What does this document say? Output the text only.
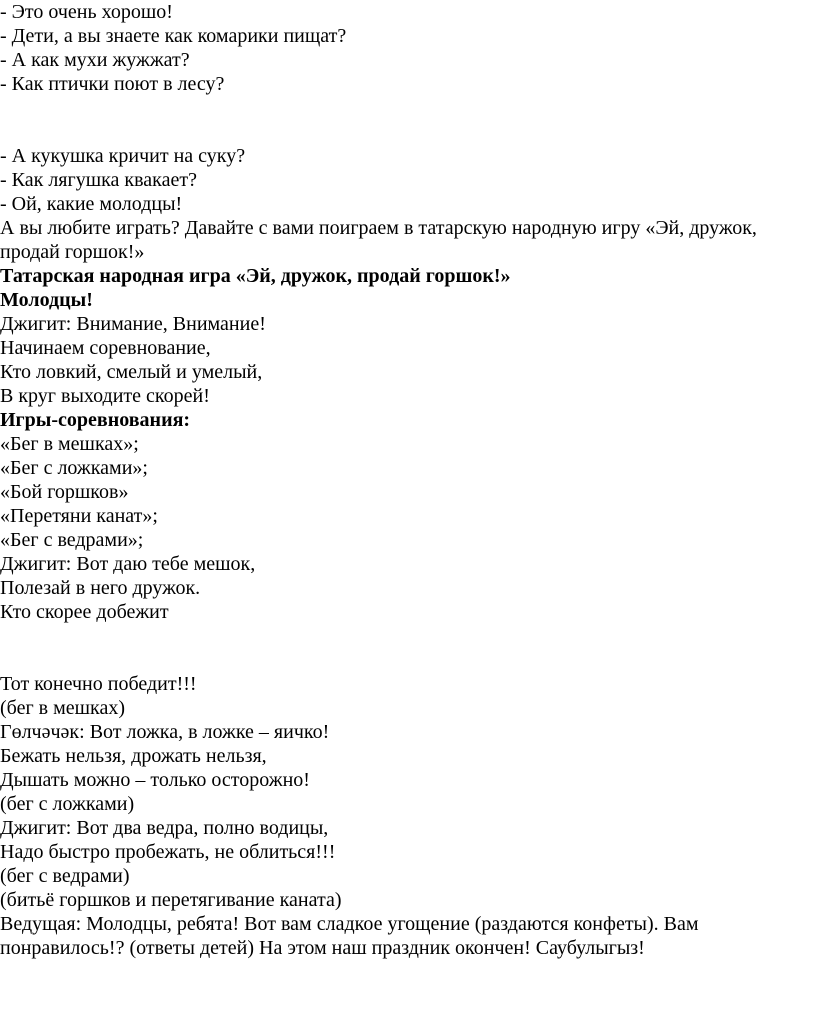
- Это очень хорошо!
- Дети, а вы знаете как комарики пищат?
- А как мухи жужжат?
- Как птички поют в лесу?
- А кукушка кричит на суку?
- Как лягушка квакает?
- Ой, какие молодцы!
А вы любите играть? Давайте с вами поиграем в татарскую народную игру «Эй, дружок, продай горшок!»
Татарская народная игра «Эй, дружок, продай горшок!»
Молодцы!
Джигит: Внимание, Внимание!
Начинаем соревнование,
Кто ловкий, смелый и умелый,
В круг выходите скорей!
Игры-соревнования:
«Бег в мешках»;
«Бег с ложками»;
«Бой горшков»
«Перетяни канат»;
«Бег с ведрами»;
Джигит: Вот даю тебе мешок,
Полезай в него дружок.
Кто скорее добежит
Тот конечно победит!!!
(бег в мешках)
Гөлчәчәк: Вот ложка, в ложке – яичко!
Бежать нельзя, дрожать нельзя,
Дышать можно – только осторожно!
(бег с ложками)
Джигит: Вот два ведра, полно водицы,
Надо быстро пробежать, не облиться!!!
(бег с ведрами)
(битьё горшков и перетягивание каната)
Ведущая: Молодцы, ребята! Вот вам сладкое угощение (раздаются конфеты). Вам понравилось!? (ответы детей) На этом наш праздник окончен! Саубулыгыз!
